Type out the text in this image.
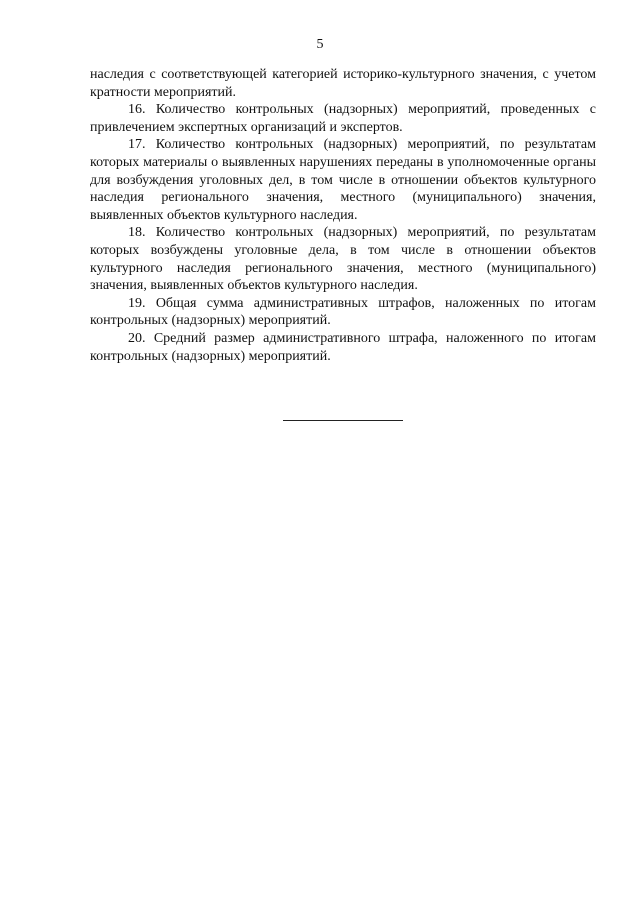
5

наследия с соответствующей категорией историко-культурного значения, с учетом кратности мероприятий.

16. Количество контрольных (надзорных) мероприятий, проведенных с привлечением экспертных организаций и экспертов.

17. Количество контрольных (надзорных) мероприятий, по результатам которых материалы о выявленных нарушениях переданы в уполномоченные органы для возбуждения уголовных дел, в том числе в отношении объектов культурного наследия регионального значения, местного (муниципального) значения, выявленных объектов культурного наследия.

18. Количество контрольных (надзорных) мероприятий, по результатам которых возбуждены уголовные дела, в том числе в отношении объектов культурного наследия регионального значения, местного (муниципального) значения, выявленных объектов культурного наследия.

19. Общая сумма административных штрафов, наложенных по итогам контрольных (надзорных) мероприятий.

20. Средний размер административного штрафа, наложенного по итогам контрольных (надзорных) мероприятий.
